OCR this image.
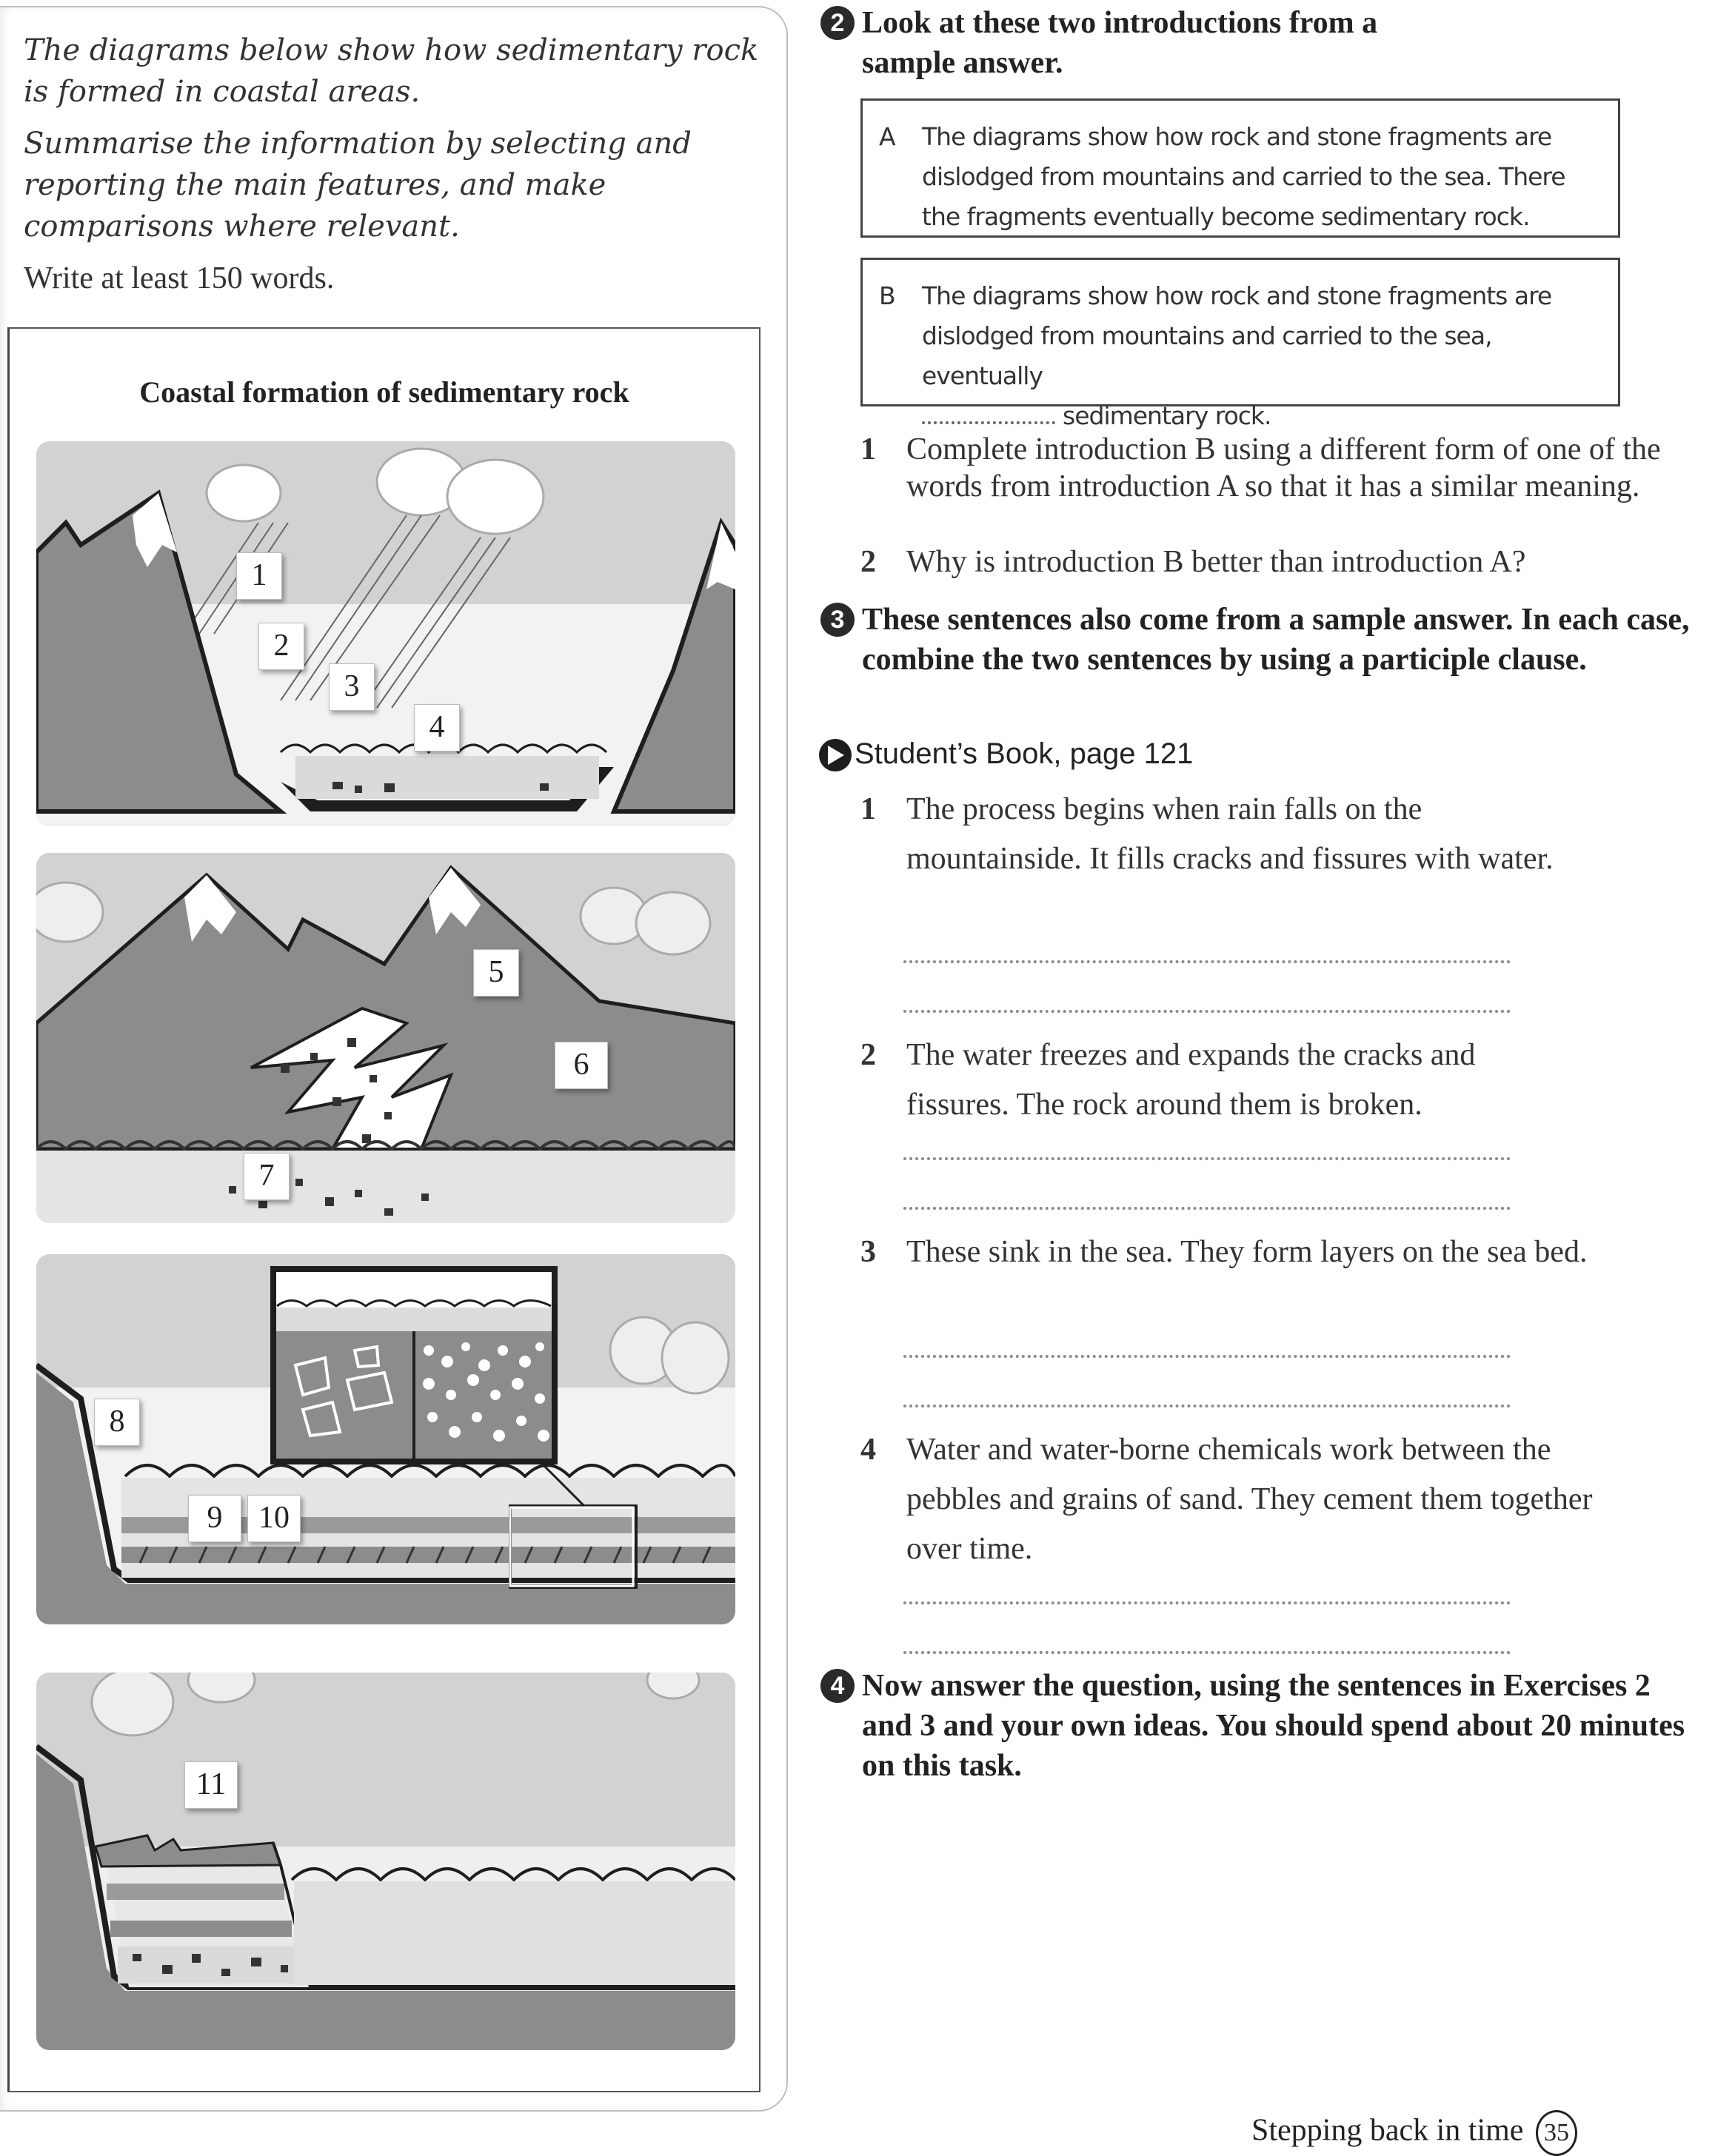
The diagrams below show how sedimentary rock is formed in coastal areas.

Summarise the information by selecting and reporting the main features, and make comparisons where relevant.

Write at least 150 words.

Coastal formation of sedimentary rock
1
2
3
4
5
6
7
8
9	10
11
2 Look at these two introductions from a sample answer.
A The diagrams show how rock and stone fragments are dislodged from mountains and carried to the sea. There the fragments eventually become sedimentary rock.
B The diagrams show how rock and stone fragments are dislodged from mountains and carried to the sea, eventually
sedimentary rock.
1 Complete introduction B using a different form of one of the words from introduction A so that it has a similar meaning.
2 Why is introduction B better than introduction A?
3 These sentences also come from a sample answer. In each case, combine the two sentences by using a participle clause.
Student’s Book, page 121
1 The process begins when rain falls on the mountainside. It fills cracks and fissures with water.
2 The water freezes and expands the cracks and fissures. The rock around them is broken.
3 These sink in the sea. They form layers on the sea bed.
4 Water and water-borne chemicals work between the pebbles and grains of sand. They cement them together over time.
4 Now answer the question, using the sentences in Exercises 2 and 3 and your own ideas. You should spend about 20 minutes on this task.
Stepping back in time 35
